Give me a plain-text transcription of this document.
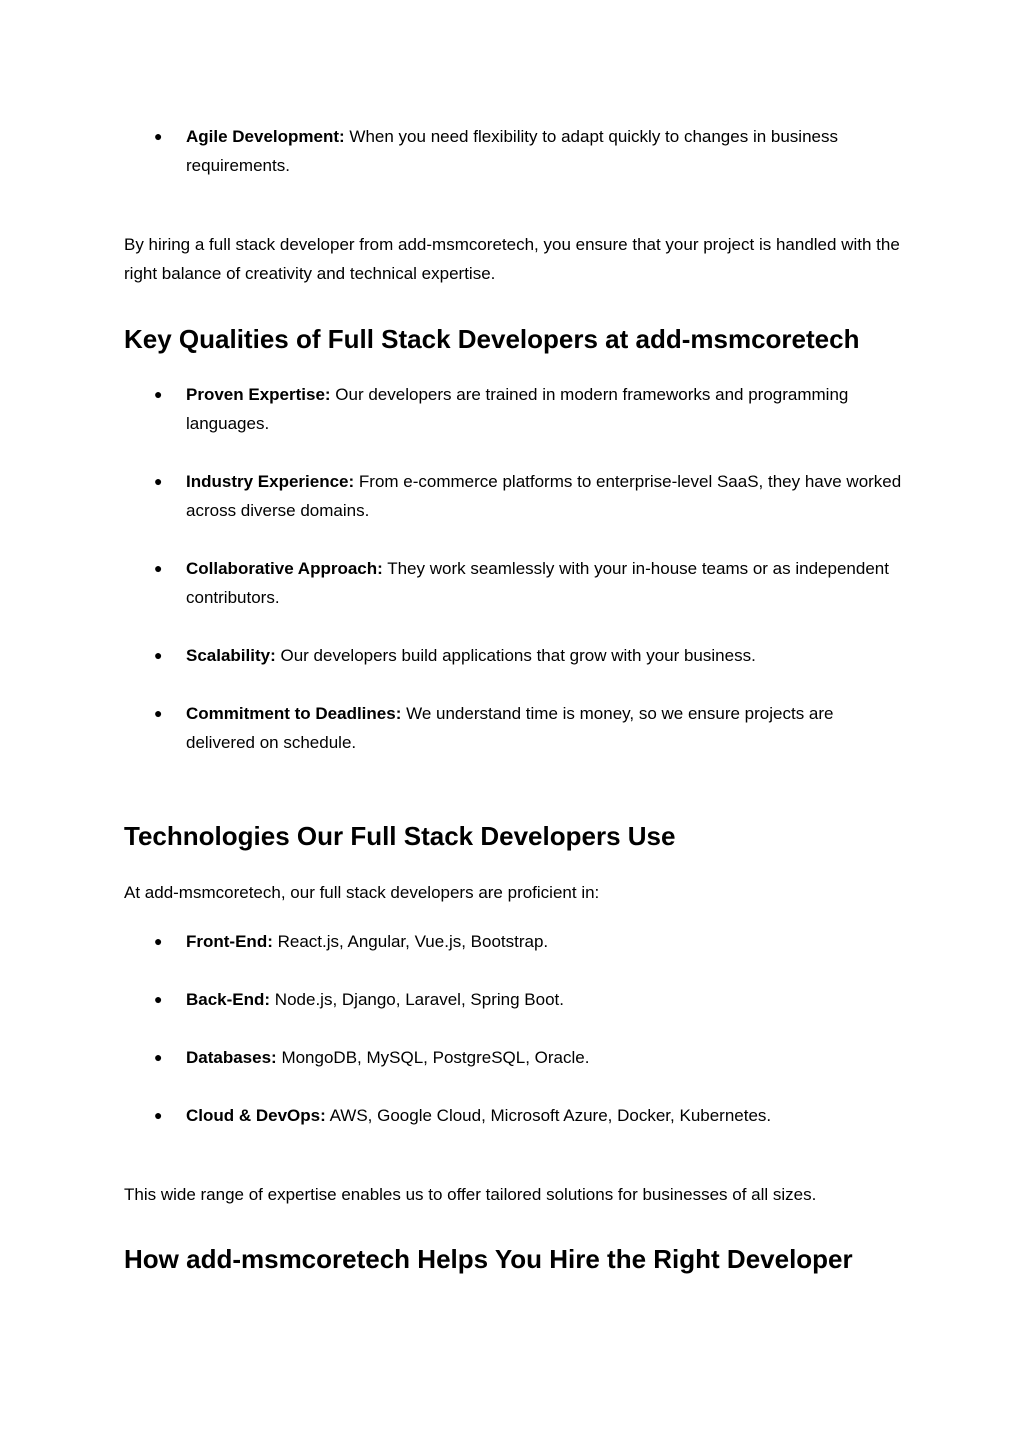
● Agile Development: When you need flexibility to adapt quickly to changes in business requirements.
By hiring a full stack developer from add-msmcoretech, you ensure that your project is handled with the right balance of creativity and technical expertise.
Key Qualities of Full Stack Developers at add-msmcoretech
● Proven Expertise: Our developers are trained in modern frameworks and programming languages.
● Industry Experience: From e-commerce platforms to enterprise-level SaaS, they have worked across diverse domains.
● Collaborative Approach: They work seamlessly with your in-house teams or as independent contributors.
● Scalability: Our developers build applications that grow with your business.
● Commitment to Deadlines: We understand time is money, so we ensure projects are delivered on schedule.
Technologies Our Full Stack Developers Use
At add-msmcoretech, our full stack developers are proficient in:
● Front-End: React.js, Angular, Vue.js, Bootstrap.
● Back-End: Node.js, Django, Laravel, Spring Boot.
● Databases: MongoDB, MySQL, PostgreSQL, Oracle.
● Cloud & DevOps: AWS, Google Cloud, Microsoft Azure, Docker, Kubernetes.
This wide range of expertise enables us to offer tailored solutions for businesses of all sizes.
How add-msmcoretech Helps You Hire the Right Developer
